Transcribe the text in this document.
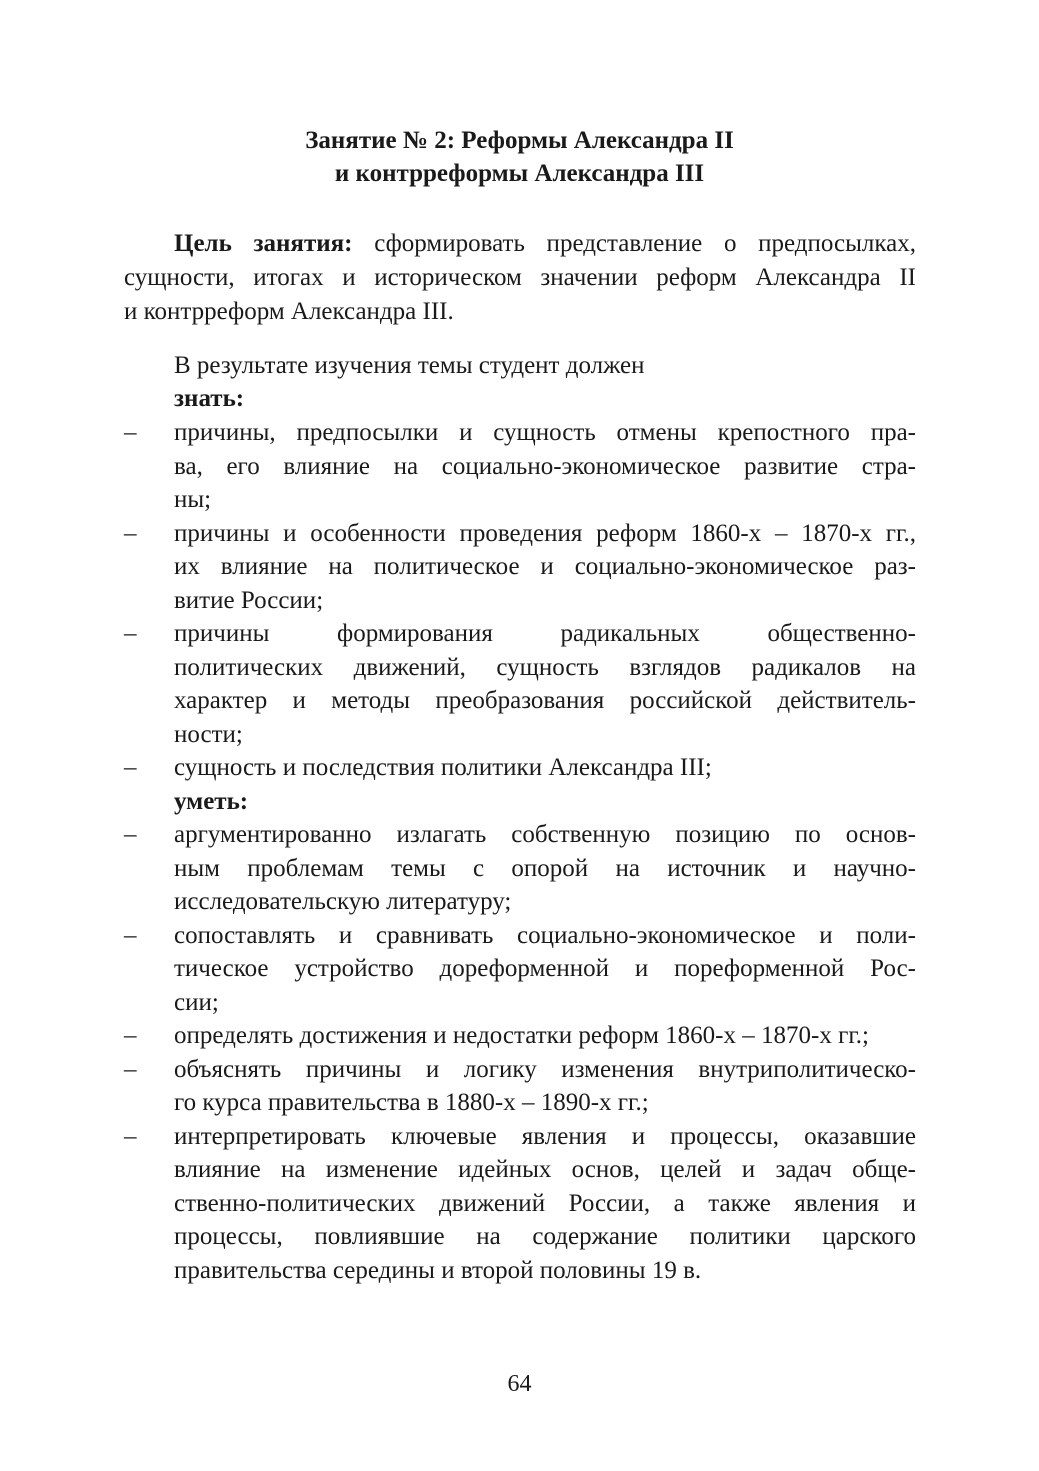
Занятие № 2: Реформы Александра II
и контрреформы Александра III
Цель занятия: сформировать представление о предпосылках,
сущности, итогах и историческом значении реформ Александра II
и контрреформ Александра III.
В результате изучения темы студент должен
знать:
– причины, предпосылки и сущность отмены крепостного пра-
ва, его влияние на социально-экономическое развитие стра-
ны;
– причины и особенности проведения реформ 1860-х – 1870-х гг.,
их влияние на политическое и социально-экономическое раз-
витие России;
– причины формирования радикальных общественно-
политических движений, сущность взглядов радикалов на
характер и методы преобразования российской действитель-
ности;
– сущность и последствия политики Александра III;
уметь:
– аргументированно излагать собственную позицию по основ-
ным проблемам темы с опорой на источник и научно-
исследовательскую литературу;
– сопоставлять и сравнивать социально-экономическое и поли-
тическое устройство дореформенной и пореформенной Рос-
сии;
– определять достижения и недостатки реформ 1860-х – 1870-х гг.;
– объяснять причины и логику изменения внутриполитическо-
го курса правительства в 1880-х – 1890-х гг.;
– интерпретировать ключевые явления и процессы, оказавшие
влияние на изменение идейных основ, целей и задач обще-
ственно-политических движений России, а также явления и
процессы, повлиявшие на содержание политики царского
правительства середины и второй половины 19 в.
64
